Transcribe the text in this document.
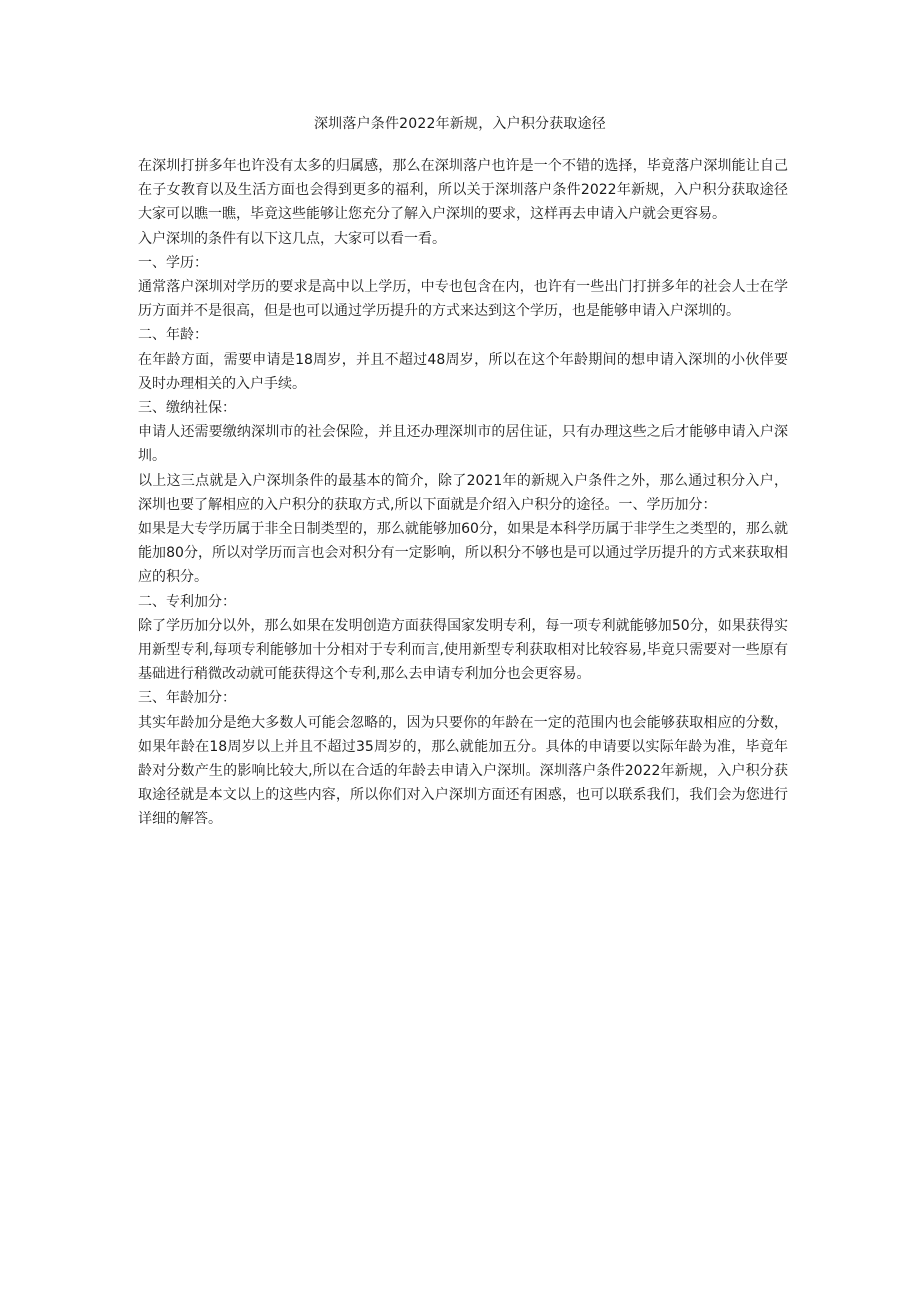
深圳落户条件2022年新规，入户积分获取途径

在深圳打拼多年也许没有太多的归属感，那么在深圳落户也许是一个不错的选择，毕竟落户深圳能让自己在子女教育以及生活方面也会得到更多的福利，所以关于深圳落户条件2022年新规，入户积分获取途径大家可以瞧一瞧，毕竟这些能够让您充分了解入户深圳的要求，这样再去申请入户就会更容易。

入户深圳的条件有以下这几点，大家可以看一看。

一、学历：

通常落户深圳对学历的要求是高中以上学历，中专也包含在内，也许有一些出门打拼多年的社会人士在学历方面并不是很高，但是也可以通过学历提升的方式来达到这个学历，也是能够申请入户深圳的。

二、年龄：

在年龄方面，需要申请是18周岁，并且不超过48周岁，所以在这个年龄期间的想申请入深圳的小伙伴要及时办理相关的入户手续。

三、缴纳社保：

申请人还需要缴纳深圳市的社会保险，并且还办理深圳市的居住证，只有办理这些之后才能够申请入户深圳。

以上这三点就是入户深圳条件的最基本的简介，除了2021年的新规入户条件之外，那么通过积分入户，深圳也要了解相应的入户积分的获取方式,所以下面就是介绍入户积分的途径。一、学历加分：

如果是大专学历属于非全日制类型的，那么就能够加60分，如果是本科学历属于非学生之类型的，那么就能加80分，所以对学历而言也会对积分有一定影响，所以积分不够也是可以通过学历提升的方式来获取相应的积分。

二、专利加分：

除了学历加分以外，那么如果在发明创造方面获得国家发明专利，每一项专利就能够加50分，如果获得实用新型专利,每项专利能够加十分相对于专利而言,使用新型专利获取相对比较容易,毕竟只需要对一些原有基础进行稍微改动就可能获得这个专利,那么去申请专利加分也会更容易。

三、年龄加分：

其实年龄加分是绝大多数人可能会忽略的，因为只要你的年龄在一定的范围内也会能够获取相应的分数，如果年龄在18周岁以上并且不超过35周岁的，那么就能加五分。具体的申请要以实际年龄为准，毕竟年龄对分数产生的影响比较大,所以在合适的年龄去申请入户深圳。深圳落户条件2022年新规，入户积分获取途径就是本文以上的这些内容，所以你们对入户深圳方面还有困惑，也可以联系我们，我们会为您进行详细的解答。
